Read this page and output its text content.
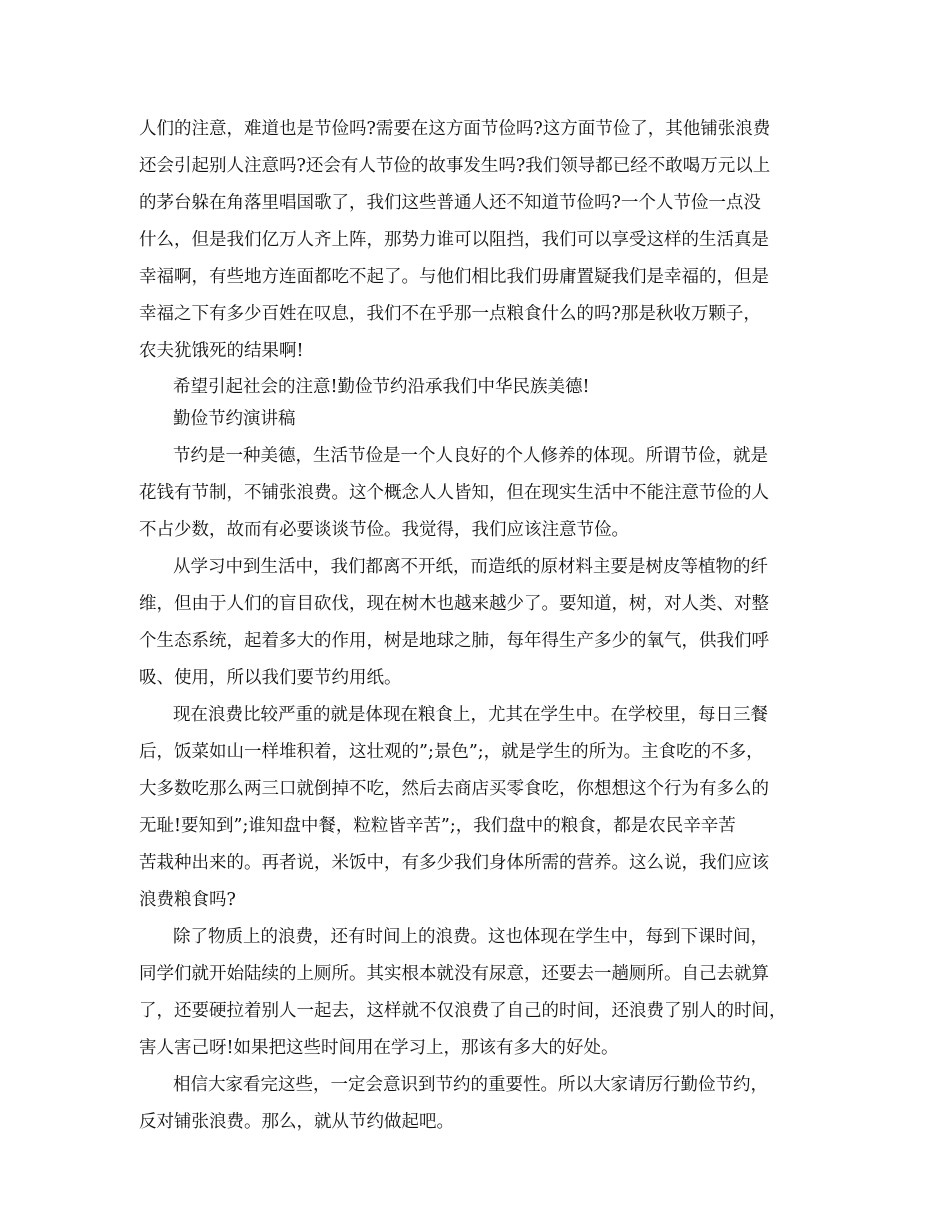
人们的注意，难道也是节俭吗?需要在这方面节俭吗?这方面节俭了，其他铺张浪费

还会引起别人注意吗?还会有人节俭的故事发生吗?我们领导都已经不敢喝万元以上

的茅台躲在角落里唱国歌了，我们这些普通人还不知道节俭吗?一个人节俭一点没

什么，但是我们亿万人齐上阵，那势力谁可以阻挡，我们可以享受这样的生活真是

幸福啊，有些地方连面都吃不起了。与他们相比我们毋庸置疑我们是幸福的，但是

幸福之下有多少百姓在叹息，我们不在乎那一点粮食什么的吗?那是秋收万颗子，

农夫犹饿死的结果啊!

希望引起社会的注意!勤俭节约沿承我们中华民族美德!

勤俭节约演讲稿

节约是一种美德，生活节俭是一个人良好的个人修养的体现。所谓节俭，就是

花钱有节制，不铺张浪费。这个概念人人皆知，但在现实生活中不能注意节俭的人

不占少数，故而有必要谈谈节俭。我觉得，我们应该注意节俭。

从学习中到生活中，我们都离不开纸，而造纸的原材料主要是树皮等植物的纤

维，但由于人们的盲目砍伐，现在树木也越来越少了。要知道，树，对人类、对整

个生态系统，起着多大的作用，树是地球之肺，每年得生产多少的氧气，供我们呼

吸、使用，所以我们要节约用纸。

现在浪费比较严重的就是体现在粮食上，尤其在学生中。在学校里，每日三餐

后，饭菜如山一样堆积着，这壮观的”;景色”;，就是学生的所为。主食吃的不多，

大多数吃那么两三口就倒掉不吃，然后去商店买零食吃，你想想这个行为有多么的

无耻!要知到”;谁知盘中餐，粒粒皆辛苦”;，我们盘中的粮食，都是农民辛辛苦

苦栽种出来的。再者说，米饭中，有多少我们身体所需的营养。这么说，我们应该

浪费粮食吗?

除了物质上的浪费，还有时间上的浪费。这也体现在学生中，每到下课时间，

同学们就开始陆续的上厕所。其实根本就没有尿意，还要去一趟厕所。自己去就算

了，还要硬拉着别人一起去，这样就不仅浪费了自己的时间，还浪费了别人的时间，

害人害己呀!如果把这些时间用在学习上，那该有多大的好处。

相信大家看完这些，一定会意识到节约的重要性。所以大家请厉行勤俭节约，

反对铺张浪费。那么，就从节约做起吧。
